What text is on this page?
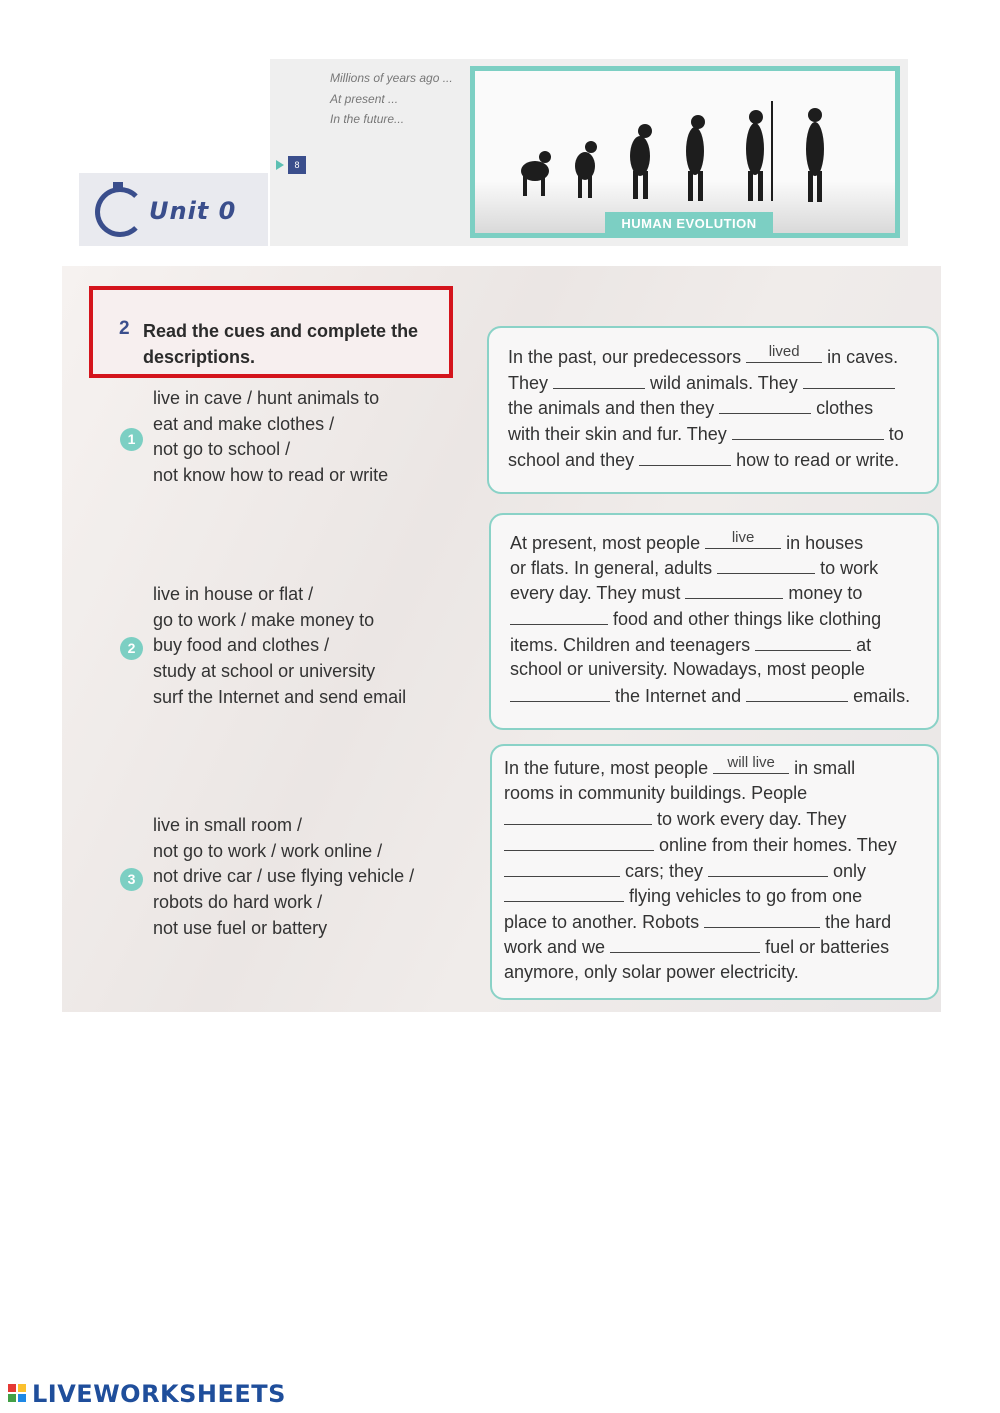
Unit 0
Millions of years ago ...
At present ...
In the future...
8
HUMAN EVOLUTION
2 Read the cues and complete the descriptions.
1
live in cave / hunt animals to
eat and make clothes /
not go to school /
not know how to read or write
2
live in house or flat /
go to work / make money to
buy food and clothes /
study at school or university
surf the Internet and send email
3
live in small room /
not go to work / work online /
not drive car / use flying vehicle /
robots do hard work /
not use fuel or battery
In the past, our predecessors	lived	in caves.
They	wild animals. They
the animals and then they	clothes
with their skin and fur. They	to
school and they	how to read or write.
At present, most people	live	in houses
or flats. In general, adults	to work
every day. They must	money to
food and other things like clothing
items. Children and teenagers	at
school or university. Nowadays, most people
the Internet and	emails.
In the future, most people will live in small
rooms in community buildings. People
to work every day. They
online from their homes. They
cars; they	only
flying vehicles to go from one
place to another. Robots	the hard
work and we	fuel or batteries
anymore, only solar power electricity.
LIVEWORKSHEETS
